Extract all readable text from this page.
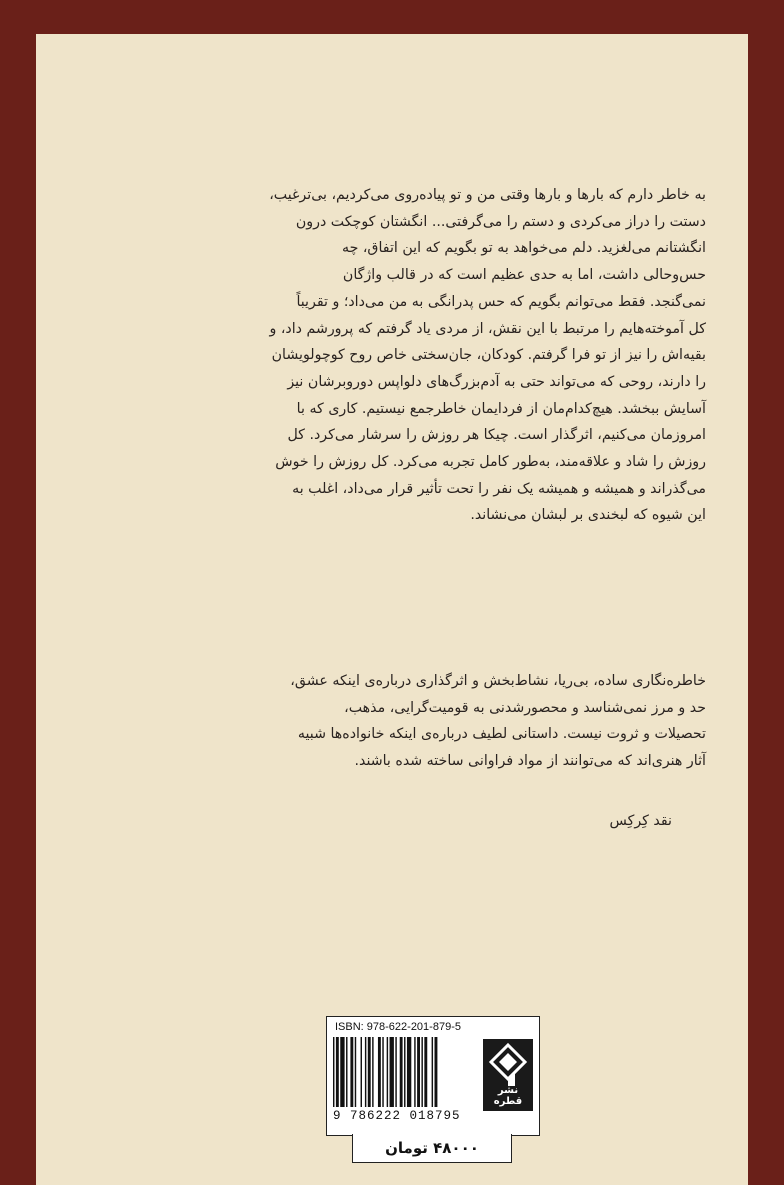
به خاطر دارم که بارها و بارها وقتی من و تو پیاده‌روی می‌کردیم، بی‌ترغیب،

دستت را دراز می‌کردی و دستم را می‌گرفتی... انگشتان کوچکت درون

انگشتانم می‌لغزید. دلم می‌خواهد به تو بگویم که این اتفاق، چه

حس‌وحالی داشت، اما به حدی عظیم است که در قالب واژگان

نمی‌گنجد. فقط می‌توانم بگویم که حس پدرانگی به من می‌داد؛ و تقریباً

کل آموخته‌هایم را مرتبط با این نقش، از مردی یاد گرفتم که پرورشم داد، و

بقیه‌اش را نیز از تو فرا گرفتم. کودکان، جان‌سختی خاص روح کوچولویشان

را دارند، روحی که می‌تواند حتی به آدم‌بزرگ‌های دلواپس دوروبرشان نیز

آسایش ببخشد. هیچ‌کدام‌مان از فردایمان خاطرجمع نیستیم. کاری که با

امروزمان می‌کنیم، اثرگذار است. چیکا هر روزش را سرشار می‌کرد. کل

روزش را شاد و علاقه‌مند، به‌طور کامل تجربه می‌کرد. کل روزش را خوش

می‌گذراند و همیشه و همیشه یک نفر را تحت تأثیر قرار می‌داد، اغلب به

این شیوه که لبخندی بر لبشان می‌نشاند.

خاطره‌نگاری ساده، بی‌ریا، نشاط‌بخش و اثرگذاری درباره‌ی اینکه عشق،

حد و مرز نمی‌شناسد و محصورشدنی به قومیت‌گرایی، مذهب،

تحصیلات و ثروت نیست. داستانی لطیف درباره‌ی اینکه خانواده‌ها شبیه

آثار هنری‌اند که می‌توانند از مواد فراوانی ساخته شده باشند.

نقد کِرکِس
ISBN: 978-622-201-879-5
9 786222 018795
نشر قطره
۴۸۰۰۰ تومان
نشر قطره از برچسب برای تغییر قیمت استفاده نمی‌کند.
